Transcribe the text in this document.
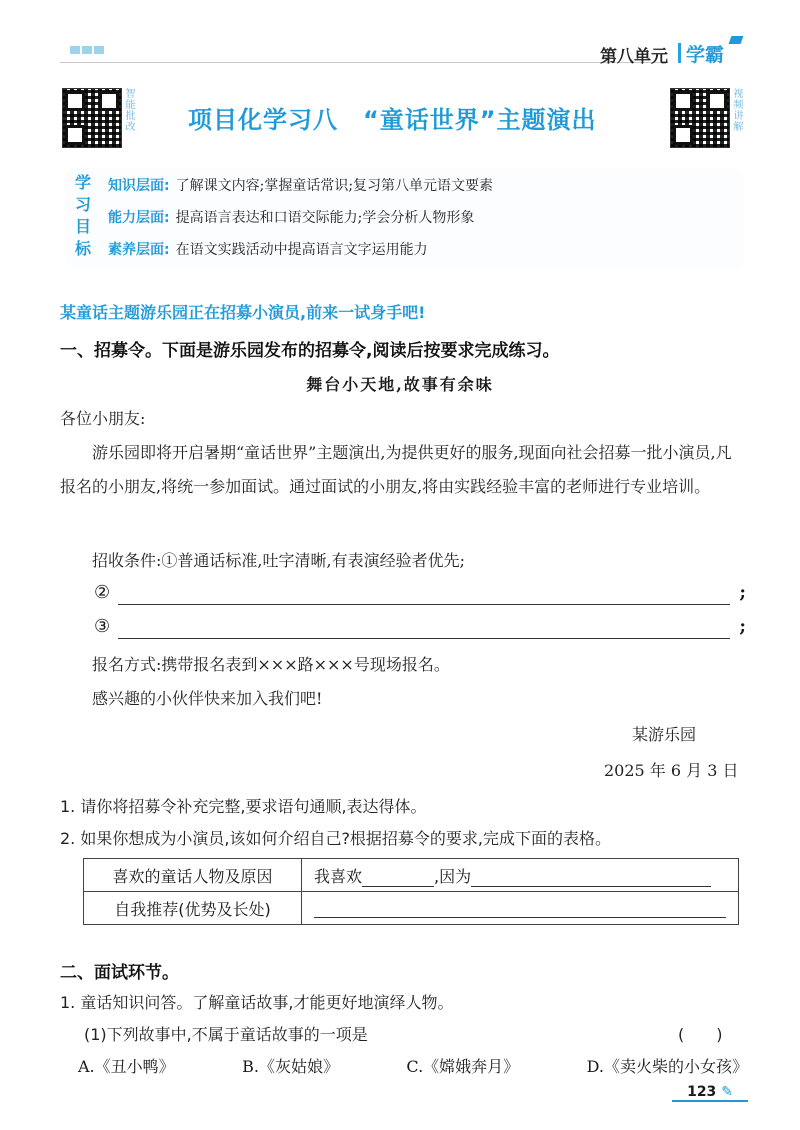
第八单元 学霸
智能批改	视频讲解
项目化学习八　“童话世界”主题演出
学
习
目
标
知识层面: 了解课文内容;掌握童话常识;复习第八单元语文要素
能力层面: 提高语言表达和口语交际能力;学会分析人物形象
素养层面: 在语文实践活动中提高语言文字运用能力
某童话主题游乐园正在招募小演员,前来一试身手吧!
一、招募令。下面是游乐园发布的招募令,阅读后按要求完成练习。
舞台小天地,故事有余味
各位小朋友:
游乐园即将开启暑期“童话世界”主题演出,为提供更好的服务,现面向社会招募一批小演员,凡报名的小朋友,将统一参加面试。通过面试的小朋友,将由实践经验丰富的老师进行专业培训。
招收条件:①普通话标准,吐字清晰,有表演经验者优先;
②	;
③	;
报名方式:携带报名表到×××路×××号现场报名。
感兴趣的小伙伴快来加入我们吧!
某游乐园
2025 年 6 月 3 日
1. 请你将招募令补充完整,要求语句通顺,表达得体。
2. 如果你想成为小演员,该如何介绍自己?根据招募令的要求,完成下面的表格。
喜欢的童话人物及原因	我喜欢 ,因为
自我推荐(优势及长处)	
二、面试环节。
1. 童话知识问答。了解童话故事,才能更好地演绎人物。
(1)下列故事中,不属于童话故事的一项是	(　　)
A.《丑小鸭》	B.《灰姑娘》	C.《嫦娥奔月》	D.《卖火柴的小女孩》
123 ✎
